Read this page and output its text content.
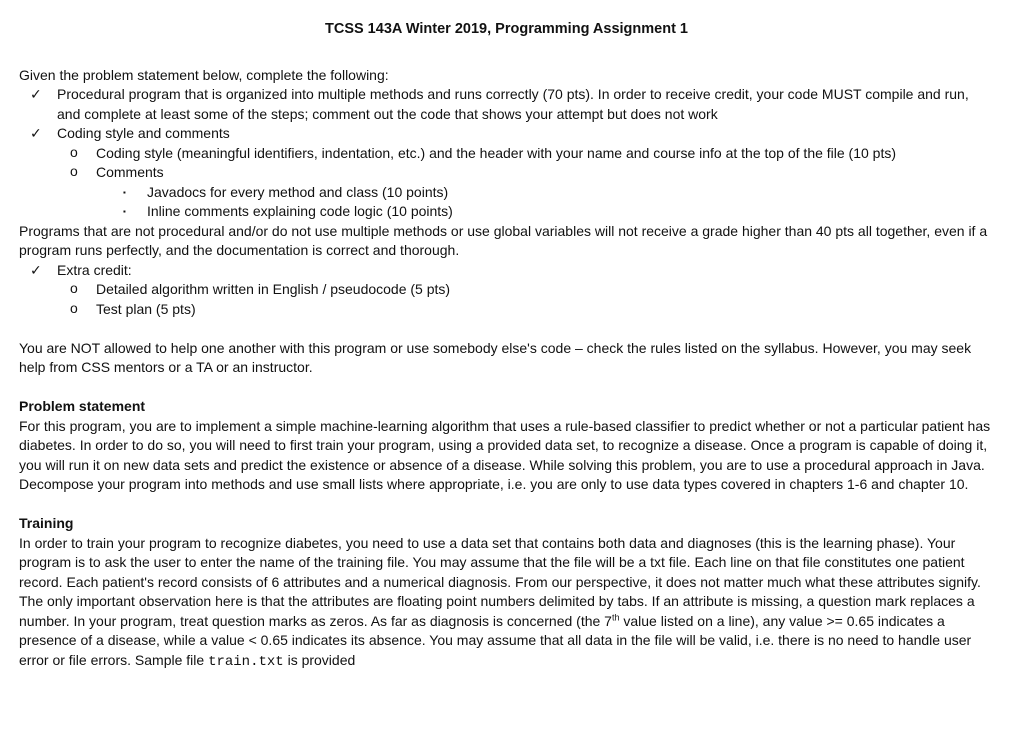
TCSS 143A Winter 2019, Programming Assignment 1

Given the problem statement below, complete the following:

✓ Procedural program that is organized into multiple methods and runs correctly (70 pts). In order to receive credit, your code MUST compile and run, and complete at least some of the steps; comment out the code that shows your attempt but does not work
✓ Coding style and comments
o Coding style (meaningful identifiers, indentation, etc.) and the header with your name and course info at the top of the file (10 pts)
o Comments
▪ Javadocs for every method and class (10 points)
▪ Inline comments explaining code logic (10 points)

Programs that are not procedural and/or do not use multiple methods or use global variables will not receive a grade higher than 40 pts all together, even if a program runs perfectly, and the documentation is correct and thorough.

✓ Extra credit:
o Detailed algorithm written in English / pseudocode (5 pts)
o Test plan (5 pts)

You are NOT allowed to help one another with this program or use somebody else's code – check the rules listed on the syllabus. However, you may seek help from CSS mentors or a TA or an instructor.

Problem statement

For this program, you are to implement a simple machine-learning algorithm that uses a rule-based classifier to predict whether or not a particular patient has diabetes. In order to do so, you will need to first train your program, using a provided data set, to recognize a disease. Once a program is capable of doing it, you will run it on new data sets and predict the existence or absence of a disease. While solving this problem, you are to use a procedural approach in Java. Decompose your program into methods and use small lists where appropriate, i.e. you are only to use data types covered in chapters 1-6 and chapter 10.

Training

In order to train your program to recognize diabetes, you need to use a data set that contains both data and diagnoses (this is the learning phase). Your program is to ask the user to enter the name of the training file. You may assume that the file will be a txt file. Each line on that file constitutes one patient record. Each patient's record consists of 6 attributes and a numerical diagnosis. From our perspective, it does not matter much what these attributes signify. The only important observation here is that the attributes are floating point numbers delimited by tabs. If an attribute is missing, a question mark replaces a number. In your program, treat question marks as zeros. As far as diagnosis is concerned (the 7th value listed on a line), any value >= 0.65 indicates a presence of a disease, while a value < 0.65 indicates its absence. You may assume that all data in the file will be valid, i.e. there is no need to handle user error or file errors. Sample file train.txt is provided
